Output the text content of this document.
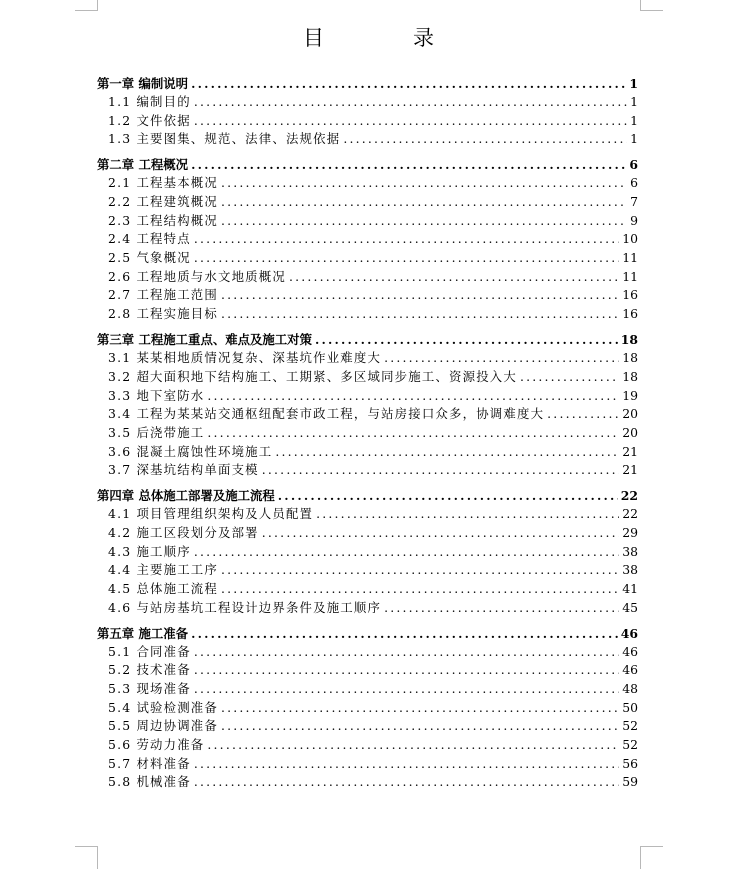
目　录
第一章 编制说明 .....	1
1.1 编制目的 .....	1
1.2 文件依据 .....	1
1.3 主要图集、规范、法律、法规依据 .....	1
第二章 工程概况 .....	6
2.1 工程基本概况 .....	6
2.2 工程建筑概况 .....	7
2.3 工程结构概况 .....	9
2.4 工程特点 .....	10
2.5 气象概况 .....	11
2.6 工程地质与水文地质概况 .....	11
2.7 工程施工范围 .....	16
2.8 工程实施目标 .....	16
第三章 工程施工重点、难点及施工对策 .....	18
3.1 某某相地质情况复杂、深基坑作业难度大 .....	18
3.2 超大面积地下结构施工、工期紧、多区域同步施工、资源投入大 .....	18
3.3 地下室防水 .....	19
3.4 工程为某某站交通枢纽配套市政工程，与站房接口众多，协调难度大 .....	20
3.5 后浇带施工 .....	20
3.6 混凝土腐蚀性环境施工 .....	21
3.7 深基坑结构单面支模 .....	21
第四章 总体施工部署及施工流程 .....	22
4.1 项目管理组织架构及人员配置 .....	22
4.2 施工区段划分及部署 .....	29
4.3 施工顺序 .....	38
4.4 主要施工工序 .....	38
4.5 总体施工流程 .....	41
4.6 与站房基坑工程设计边界条件及施工顺序 .....	45
第五章 施工准备 .....	46
5.1 合同准备 .....	46
5.2 技术准备 .....	46
5.3 现场准备 .....	48
5.4 试验检测准备 .....	50
5.5 周边协调准备 .....	52
5.6 劳动力准备 .....	52
5.7 材料准备 .....	56
5.8 机械准备 .....	59
